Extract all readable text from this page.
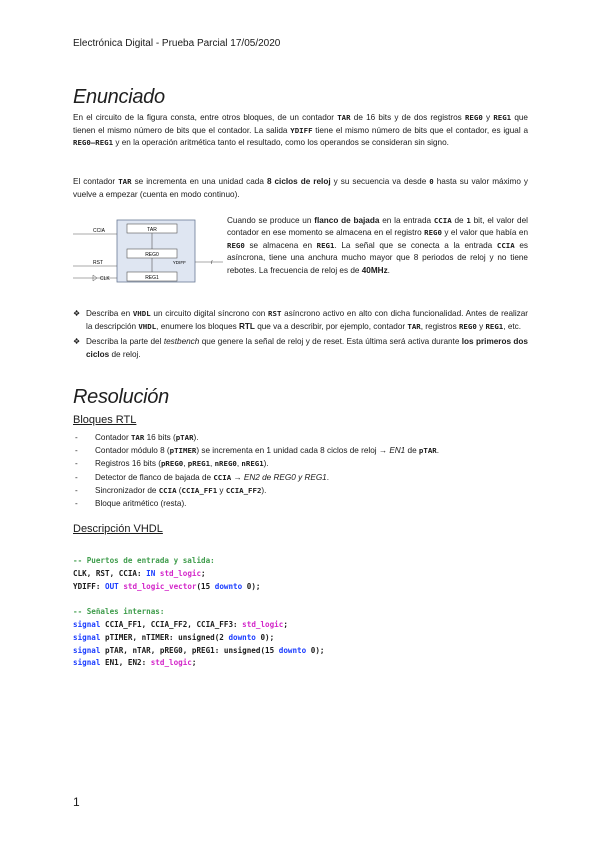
Electrónica Digital - Prueba Parcial 17/05/2020
Enunciado
En el circuito de la figura consta, entre otros bloques, de un contador TAR de 16 bits y de dos registros REG0 y REG1 que tienen el mismo número de bits que el contador. La salida YDIFF tiene el mismo número de bits que el contador, es igual a REG0–REG1 y en la operación aritmética tanto el resultado, como los operandos se consideran sin signo.
El contador TAR se incrementa en una unidad cada 8 ciclos de reloj y su secuencia va desde 0 hasta su valor máximo y vuelve a empezar (cuenta en modo continuo).
TAR
REG0
REG1
CCIA
RST
CLK
YDIFF	/
Cuando se produce un flanco de bajada en la entrada CCIA de 1 bit, el valor del contador en ese momento se almacena en el registro REG0 y el valor que había en REG0 se almacena en REG1. La señal que se conecta a la entrada CCIA es asíncrona, tiene una anchura mucho mayor que 8 periodos de reloj y no tiene rebotes. La frecuencia de reloj es de 40MHz.
❖ Describa en VHDL un circuito digital síncrono con RST asíncrono activo en alto con dicha funcionalidad. Antes de realizar la descripción VHDL, enumere los bloques RTL que va a describir, por ejemplo, contador TAR, registros REG0 y REG1, etc.
❖ Describa la parte del testbench que genere la señal de reloj y de reset. Esta última será activa durante los primeros dos ciclos de reloj.
Resolución
Bloques RTL
-	Contador TAR 16 bits (pTAR).
-	Contador módulo 8 (pTIMER) se incrementa en 1 unidad cada 8 ciclos de reloj → EN1 de pTAR.
-	Registros 16 bits (pREG0, pREG1, nREG0, nREG1).
-	Detector de flanco de bajada de CCIA → EN2 de REG0 y REG1.
-	Sincronizador de CCIA (CCIA_FF1 y CCIA_FF2).
-	Bloque aritmético (resta).
Descripción VHDL
-- Puertos de entrada y salida:
CLK, RST, CCIA: IN std_logic;
YDIFF: OUT std_logic_vector(15 downto 0);

-- Señales internas:
signal CCIA_FF1, CCIA_FF2, CCIA_FF3: std_logic;
signal pTIMER, nTIMER: unsigned(2 downto 0);
signal pTAR, nTAR, pREG0, pREG1: unsigned(15 downto 0);
signal EN1, EN2: std_logic;
1
